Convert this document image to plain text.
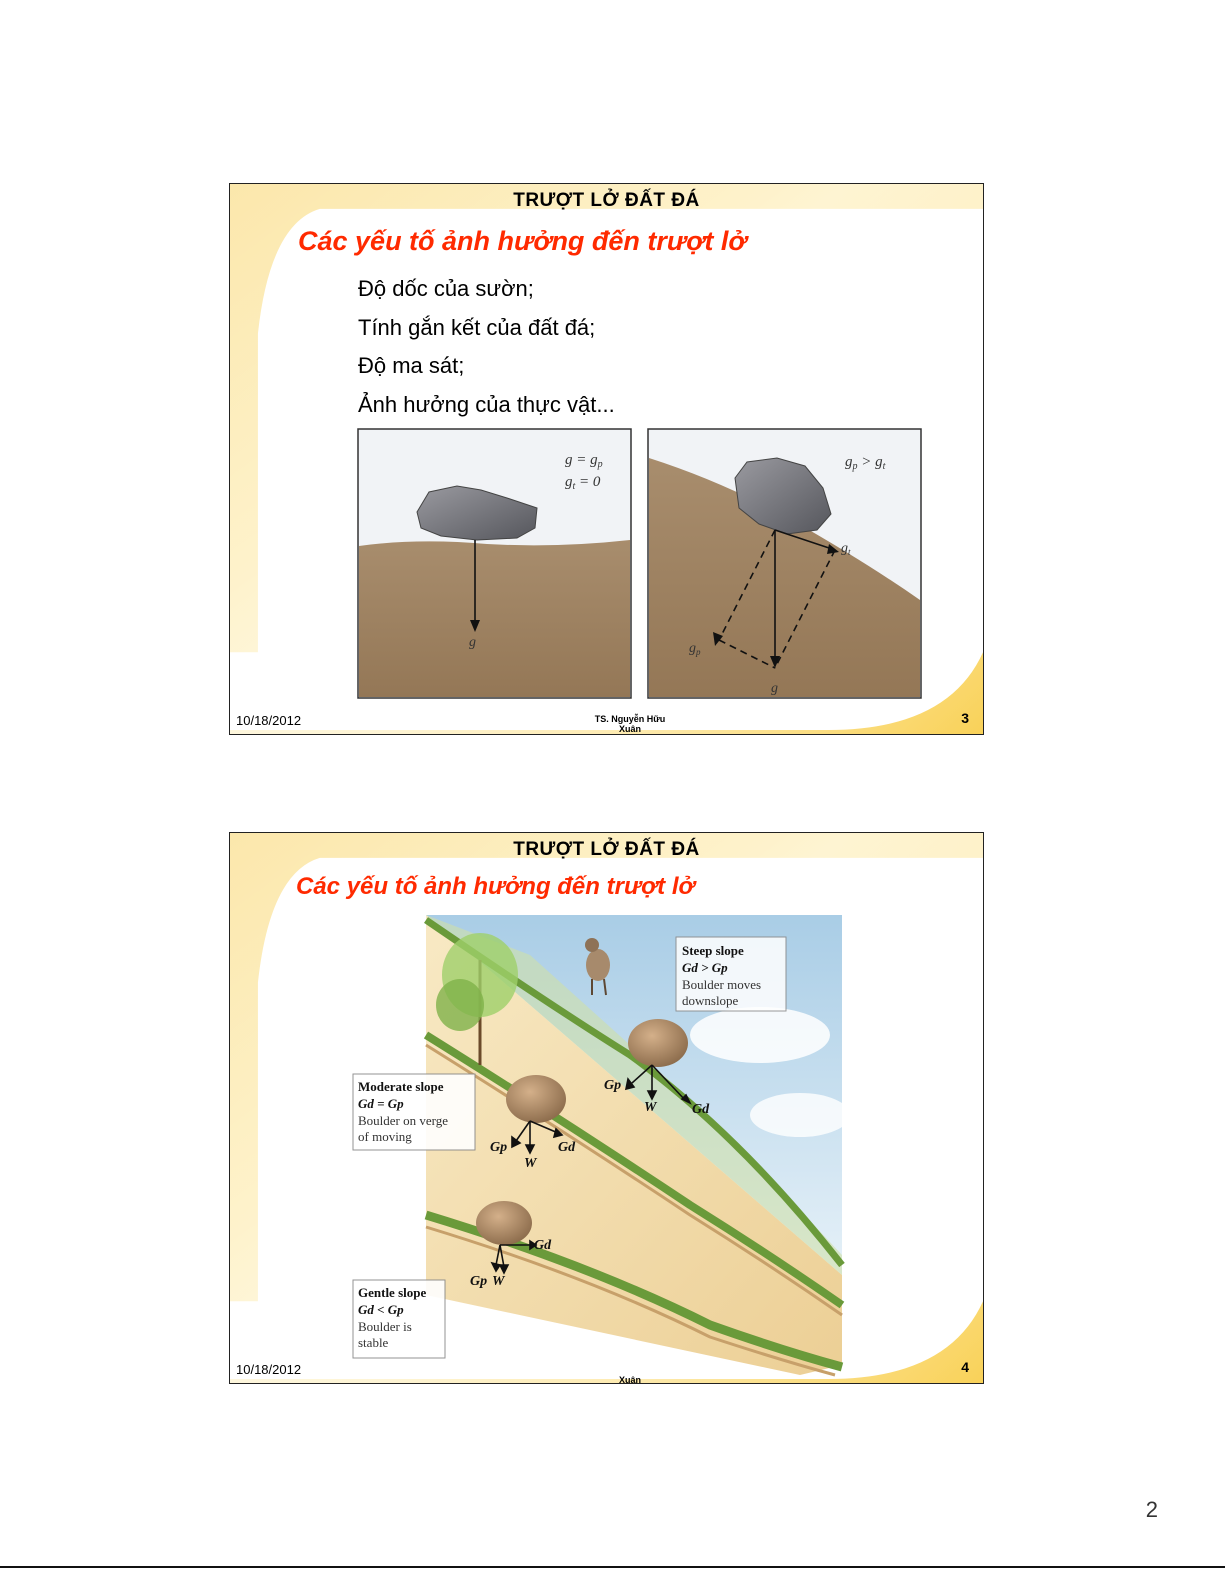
TRƯỢT LỞ ĐẤT ĐÁ
Các yếu tố ảnh hưởng đến trượt lở
Độ dốc của sườn;
Tính gắn kết của đất đá;
Độ ma sát;
Ảnh hưởng của thực vật...
g
$g = g_p$
$g_t = 0$
g
$g_p$
$g_t$
$g_p > g_t$
10/18/2012	TS. Nguyễn Hữu
Xuân
3
TRƯỢT LỞ ĐẤT ĐÁ
Các yếu tố ảnh hưởng đến trượt lở
Gp
W	Gd
Gp
W
Gd
Gp W
Gd
Steep slope
Gd > Gp
Boulder moves
downslope
Moderate slope
Gd = Gp
Boulder on verge
of moving
Gentle slope
Gd < Gp
Boulder is
stable
10/18/2012
Xuân
4
2
